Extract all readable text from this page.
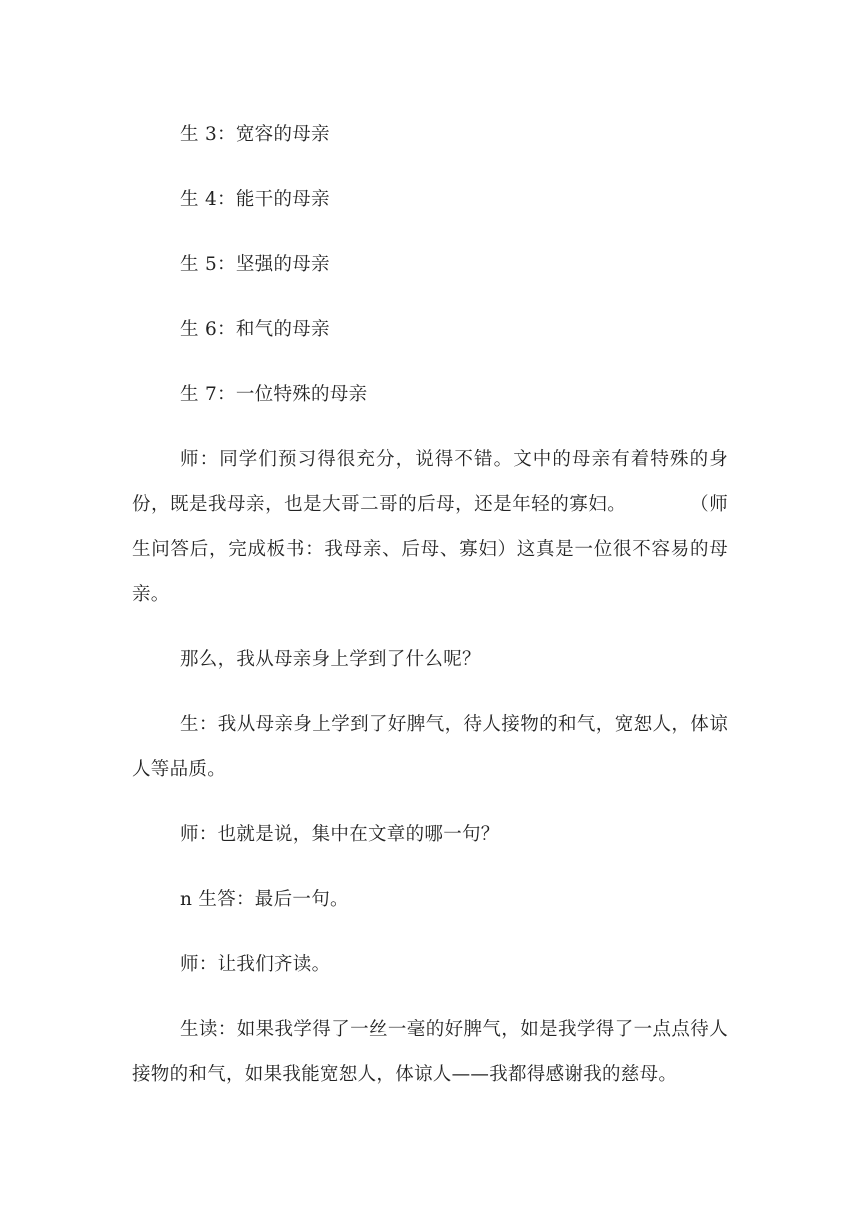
生 3：宽容的母亲

生 4：能干的母亲

生 5：坚强的母亲

生 6：和气的母亲

生 7：一位特殊的母亲

师：同学们预习得很充分，说得不错。文中的母亲有着特殊的身份，既是我母亲，也是大哥二哥的后母，还是年轻的寡妇。          （师生问答后，完成板书：我母亲、后母、寡妇）这真是一位很不容易的母亲。

那么，我从母亲身上学到了什么呢？

生：我从母亲身上学到了好脾气，待人接物的和气，宽恕人，体谅人等品质。

师：也就是说，集中在文章的哪一句？

n 生答：最后一句。

师：让我们齐读。

生读：如果我学得了一丝一毫的好脾气，如是我学得了一点点待人接物的和气，如果我能宽恕人，体谅人——我都得感谢我的慈母。
